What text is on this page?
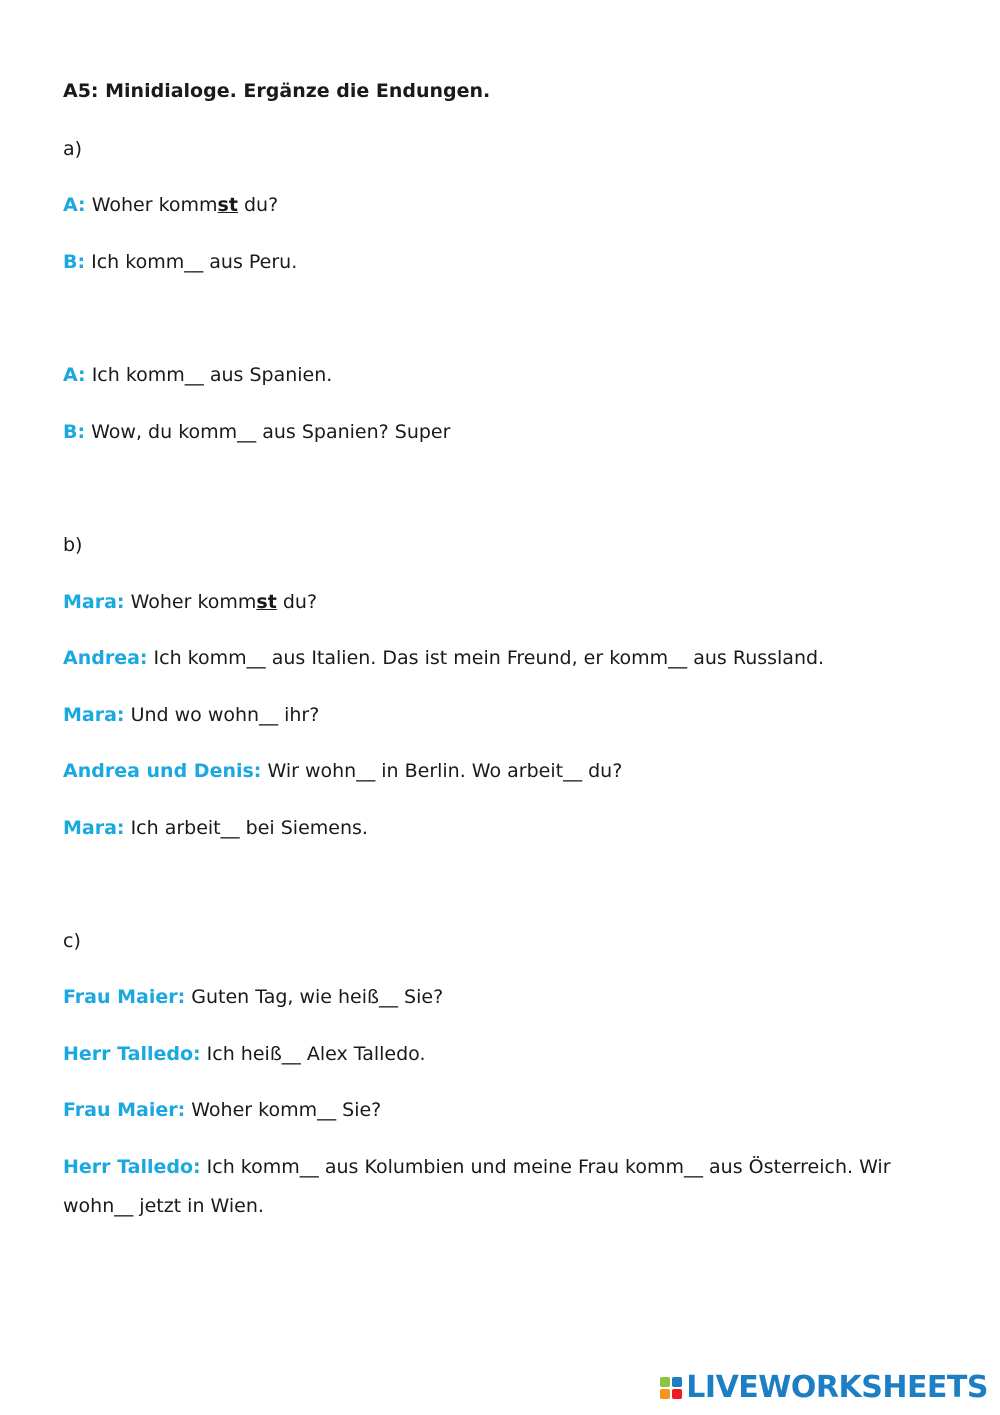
A5: Minidialoge. Ergänze die Endungen.
a)
A: Woher kommst du?
B: Ich komm__ aus Peru.
A: Ich komm__ aus Spanien.
B: Wow, du komm__ aus Spanien? Super
b)
Mara: Woher kommst du?
Andrea: Ich komm__ aus Italien. Das ist mein Freund, er komm__ aus Russland.
Mara: Und wo wohn__ ihr?
Andrea und Denis: Wir wohn__ in Berlin. Wo arbeit__ du?
Mara: Ich arbeit__ bei Siemens.
c)
Frau Maier: Guten Tag, wie heiß__ Sie?
Herr Talledo: Ich heiß__ Alex Talledo.
Frau Maier: Woher komm__ Sie?
Herr Talledo: Ich komm__ aus Kolumbien und meine Frau komm__ aus Österreich. Wir wohn__ jetzt in Wien.
LIVEWORKSHEETS
